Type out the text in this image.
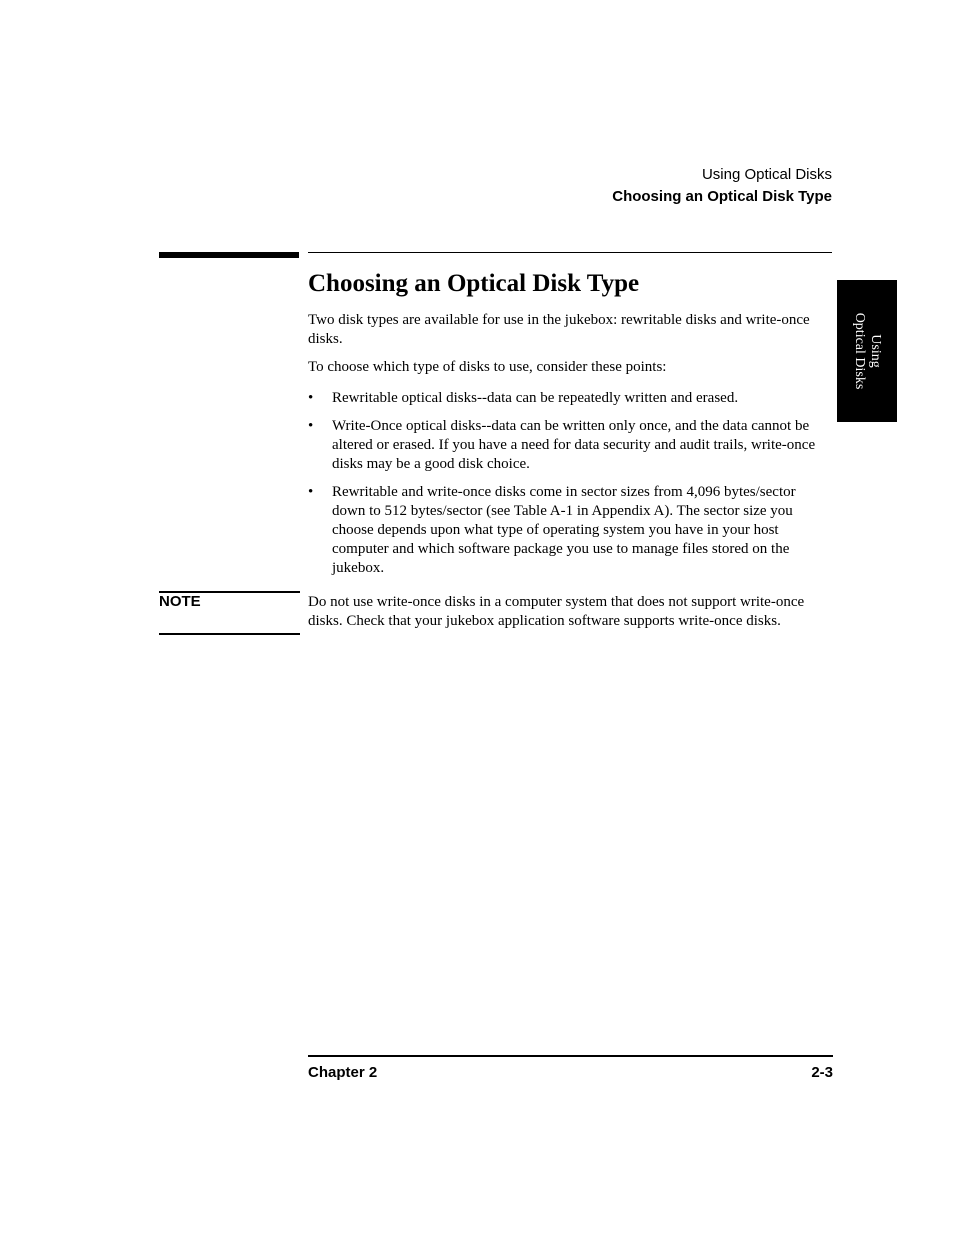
Using Optical Disks
Choosing an Optical Disk Type
Using
Optical Disks
Choosing an Optical Disk Type

Two disk types are available for use in the jukebox: rewritable disks and write-once disks.

To choose which type of disks to use, consider these points:

• Rewritable optical disks--data can be repeatedly written and erased.
• Write-Once optical disks--data can be written only once, and the data cannot be altered or erased. If you have a need for data security and audit trails, write-once disks may be a good disk choice.
• Rewritable and write-once disks come in sector sizes from 4,096 bytes/sector down to 512 bytes/sector (see Table A-1 in Appendix A). The sector size you choose depends upon what type of operating system you have in your host computer and which software package you use to manage files stored on the jukebox.
NOTE	Do not use write-once disks in a computer system that does not support write-once disks. Check that your jukebox application software supports write-once disks.

Chapter 2	2-3
